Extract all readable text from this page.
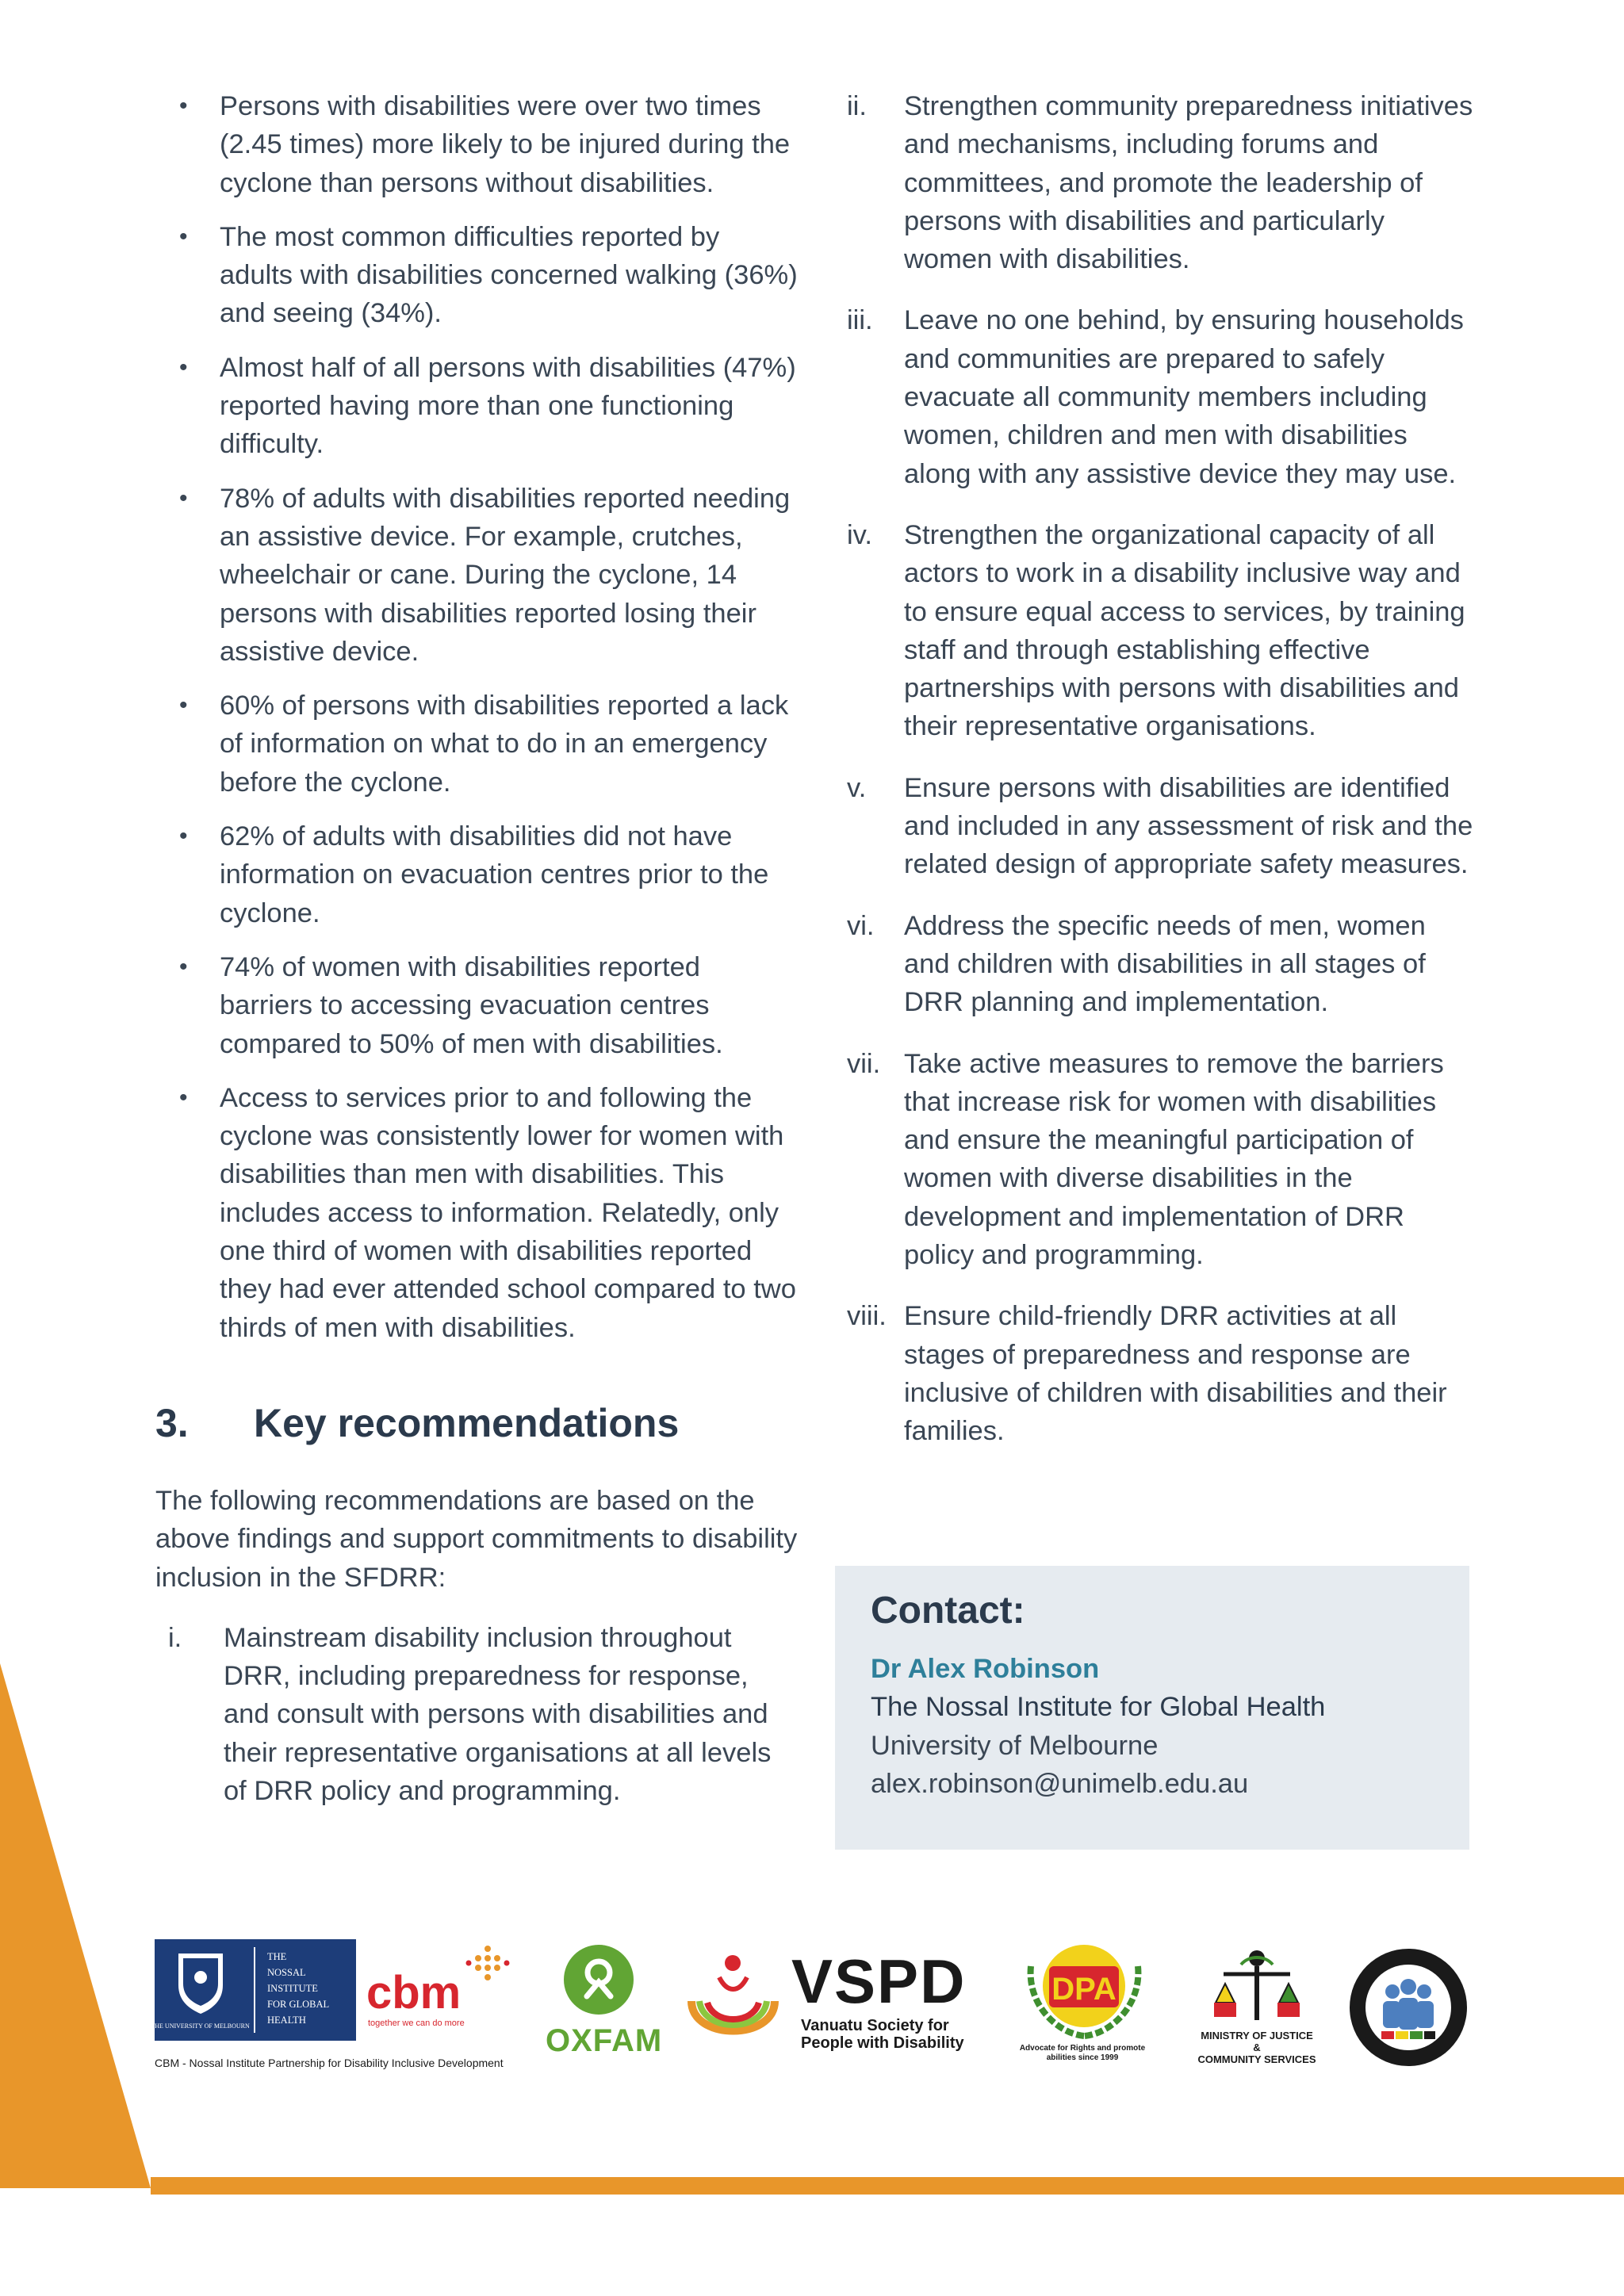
• Persons with disabilities were over two times (2.45 times) more likely to be injured during the cyclone than persons without disabilities.
• The most common difficulties reported by adults with disabilities concerned walking (36%) and seeing (34%).
• Almost half of all persons with disabilities (47%) reported having more than one functioning difficulty.
• 78% of adults with disabilities reported needing an assistive device. For example, crutches, wheelchair or cane. During the cyclone, 14 persons with disabilities reported losing their assistive device.
• 60% of persons with disabilities reported a lack of information on what to do in an emergency before the cyclone.
• 62% of adults with disabilities did not have information on evacuation centres prior to the cyclone.
• 74% of women with disabilities reported barriers to accessing evacuation centres compared to 50% of men with disabilities.
• Access to services prior to and following the cyclone was consistently lower for women with disabilities than men with disabilities. This includes access to information. Relatedly, only one third of women with disabilities reported they had ever attended school compared to two thirds of men with disabilities.
3.	Key recommendations

The following recommendations are based on the above findings and support commitments to disability inclusion in the SFDRR:

i. Mainstream disability inclusion throughout DRR, including preparedness for response, and consult with persons with disabilities and their representative organisations at all levels of DRR policy and programming.
ii. Strengthen community preparedness initiatives and mechanisms, including forums and committees, and promote the leadership of persons with disabilities and particularly women with disabilities.
iii. Leave no one behind, by ensuring households and communities are prepared to safely evacuate all community members including women, children and men with disabilities along with any assistive device they may use.
iv. Strengthen the organizational capacity of all actors to work in a disability inclusive way and to ensure equal access to services, by training staff and through establishing effective partnerships with persons with disabilities and their representative organisations.
v. Ensure persons with disabilities are identified and included in any assessment of risk and the related design of appropriate safety measures.
vi. Address the specific needs of men, women and children with disabilities in all stages of DRR planning and implementation.
vii. Take active measures to remove the barriers that increase risk for women with disabilities and ensure the meaningful participation of women with diverse disabilities in the development and implementation of DRR policy and programming.
viii. Ensure child-friendly DRR activities at all stages of preparedness and response are inclusive of children with disabilities and their families.
Contact:
Dr Alex Robinson
The Nossal Institute for Global Health
University of Melbourne
alex.robinson@unimelb.edu.au
THE UNIVERSITY OF MELBOURNE
THE
NOSSAL
INSTITUTE
FOR GLOBAL
HEALTH
cbm
together we can do more
CBM - Nossal Institute Partnership for Disability Inclusive Development
OXFAM
VSPD
Vanuatu Society for
People with Disability
DPA
Advocate for Rights and promote
abilities since 1999
MINISTRY OF JUSTICE &
COMMUNITY SERVICES
